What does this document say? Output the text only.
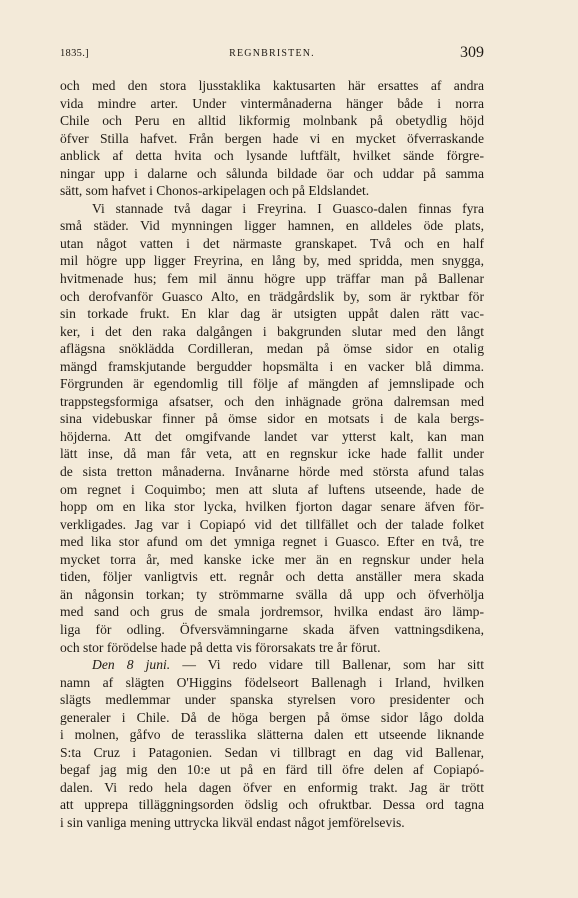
1835.]	REGNBRISTEN.	309
och med den stora ljusstaklika kaktusarten här ersattes af andra
vida mindre arter. Under vintermånaderna hänger både i norra
Chile och Peru en alltid likformig molnbank på obetydlig höjd
öfver Stilla hafvet. Från bergen hade vi en mycket öfverraskande
anblick af detta hvita och lysande luftfält, hvilket sände förgre-
ningar upp i dalarne och sålunda bildade öar och uddar på samma
sätt, som hafvet i Chonos-arkipelagen och på Eldslandet.
Vi stannade två dagar i Freyrina. I Guasco-dalen finnas fyra
små städer. Vid mynningen ligger hamnen, en alldeles öde plats,
utan något vatten i det närmaste granskapet. Två och en half
mil högre upp ligger Freyrina, en lång by, med spridda, men snygga,
hvitmenade hus; fem mil ännu högre upp träffar man på Ballenar
och derofvanför Guasco Alto, en trädgårdslik by, som är ryktbar för
sin torkade frukt. En klar dag är utsigten uppåt dalen rätt vac-
ker, i det den raka dalgången i bakgrunden slutar med den långt
aflägsna snöklädda Cordilleran, medan på ömse sidor en otalig
mängd framskjutande bergudder hopsmälta i en vacker blå dimma.
Förgrunden är egendomlig till följe af mängden af jemnslipade och
trappstegsformiga afsatser, och den inhägnade gröna dalremsan med
sina videbuskar finner på ömse sidor en motsats i de kala bergs-
höjderna. Att det omgifvande landet var ytterst kalt, kan man
lätt inse, då man får veta, att en regnskur icke hade fallit under
de sista tretton månaderna. Invånarne hörde med största afund talas
om regnet i Coquimbo; men att sluta af luftens utseende, hade de
hopp om en lika stor lycka, hvilken fjorton dagar senare äfven för-
verkligades. Jag var i Copiapó vid det tillfället och der talade folket
med lika stor afund om det ymniga regnet i Guasco. Efter en två, tre
mycket torra år, med kanske icke mer än en regnskur under hela
tiden, följer vanligtvis ett. regnår och detta anställer mera skada
än någonsin torkan; ty strömmarne svälla då upp och öfverhölja
med sand och grus de smala jordremsor, hvilka endast äro lämp-
liga för odling. Öfversvämningarne skada äfven vattningsdikena,
och stor förödelse hade på detta vis förorsakats tre år förut.
Den 8 juni. — Vi redo vidare till Ballenar, som har sitt
namn af slägten O'Higgins födelseort Ballenagh i Irland, hvilken
slägts medlemmar under spanska styrelsen voro presidenter och
generaler i Chile. Då de höga bergen på ömse sidor lågo dolda
i molnen, gåfvo de terasslika slätterna dalen ett utseende liknande
S:ta Cruz i Patagonien. Sedan vi tillbragt en dag vid Ballenar,
begaf jag mig den 10:e ut på en färd till öfre delen af Copiapó-
dalen. Vi redo hela dagen öfver en enformig trakt. Jag är trött
att upprepa tilläggningsorden ödslig och ofruktbar. Dessa ord tagna
i sin vanliga mening uttrycka likväl endast något jemförelsevis.
